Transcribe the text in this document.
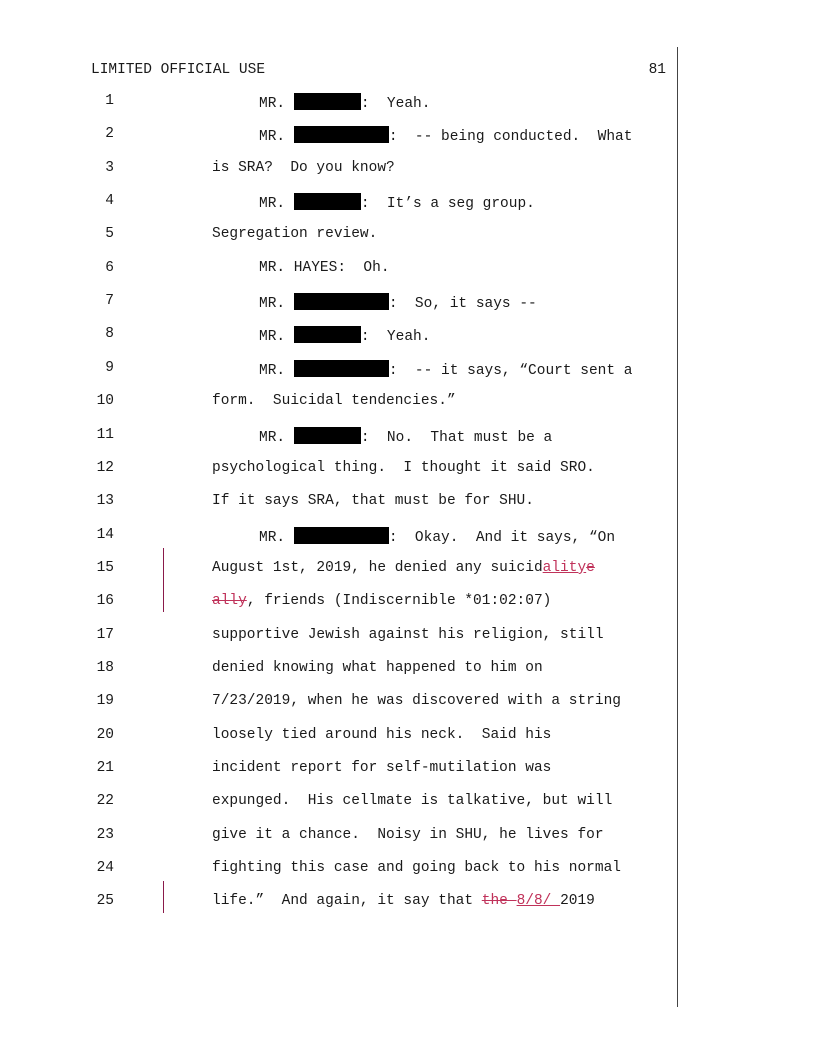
LIMITED OFFICIAL USE	81
1	MR.	:  Yeah.
2	MR.	:  -- being conducted.  What
3	is SRA?  Do you know?
4	MR.	:  It’s a seg group.
5	Segregation review.
6	MR. HAYES:  Oh.
7	MR.	:  So, it says --
8	MR.	:  Yeah.
9	MR.	:  -- it says, “Court sent a
10	form.  Suicidal tendencies.”
11	MR.	:  No.  That must be a
12	psychological thing.  I thought it said SRO.
13	If it says SRA, that must be for SHU.
14	MR.	:  Okay.  And it says, “On
15	August 1st, 2019, he denied any suicidalitye
16	ally, friends (Indiscernible *01:02:07)
17	supportive Jewish against his religion, still
18	denied knowing what happened to him on
19	7/23/2019, when he was discovered with a string
20	loosely tied around his neck.  Said his
21	incident report for self-mutilation was
22	expunged.  His cellmate is talkative, but will
23	give it a chance.  Noisy in SHU, he lives for
24	fighting this case and going back to his normal
25	life.”  And again, it say that the 8/8/ 2019
